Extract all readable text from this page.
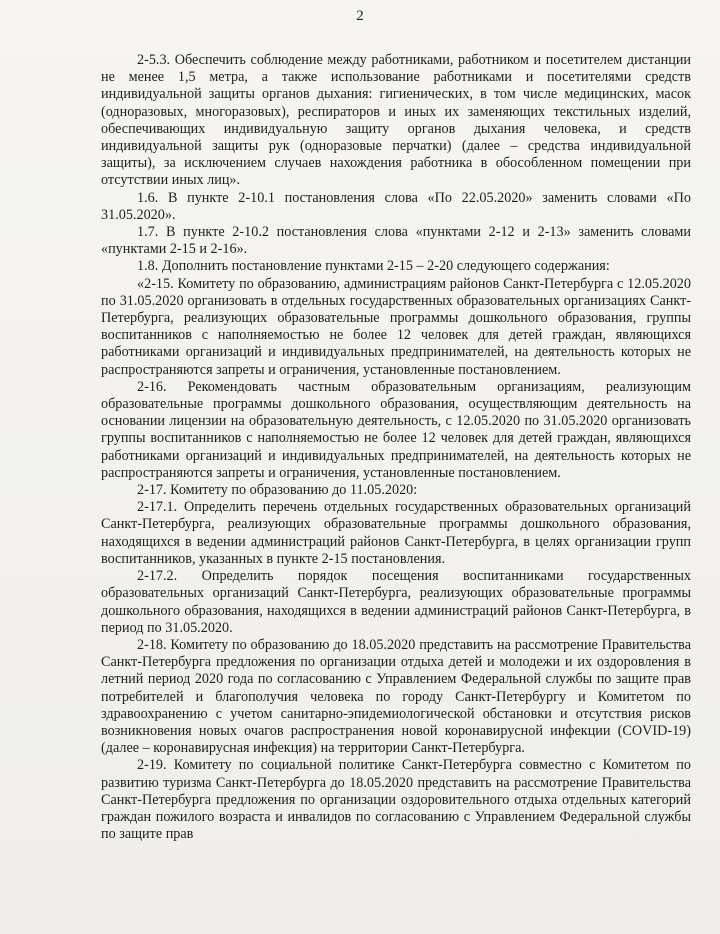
2

2-5.3. Обеспечить соблюдение между работниками, работником и посетителем дистанции не менее 1,5 метра, а также использование работниками и посетителями средств индивидуальной защиты органов дыхания: гигиенических, в том числе медицинских, масок (одноразовых, многоразовых), респираторов и иных их заменяющих текстильных изделий, обеспечивающих индивидуальную защиту органов дыхания человека, и средств индивидуальной защиты рук (одноразовые перчатки) (далее – средства индивидуальной защиты), за исключением случаев нахождения работника в обособленном помещении при отсутствии иных лиц».

1.6. В пункте 2-10.1 постановления слова «По 22.05.2020» заменить словами «По 31.05.2020».

1.7. В пункте 2-10.2 постановления слова «пунктами 2-12 и 2-13» заменить словами «пунктами 2-15 и 2-16».

1.8. Дополнить постановление пунктами 2-15 – 2-20 следующего содержания:

«2-15. Комитету по образованию, администрациям районов Санкт-Петербурга с 12.05.2020 по 31.05.2020 организовать в отдельных государственных образовательных организациях Санкт-Петербурга, реализующих образовательные программы дошкольного образования, группы воспитанников с наполняемостью не более 12 человек для детей граждан, являющихся работниками организаций и индивидуальных предпринимателей, на деятельность которых не распространяются запреты и ограничения, установленные постановлением.

2-16. Рекомендовать частным образовательным организациям, реализующим образовательные программы дошкольного образования, осуществляющим деятельность на основании лицензии на образовательную деятельность, с 12.05.2020 по 31.05.2020 организовать группы воспитанников с наполняемостью не более 12 человек для детей граждан, являющихся работниками организаций и индивидуальных предпринимателей, на деятельность которых не распространяются запреты и ограничения, установленные постановлением.

2-17. Комитету по образованию до 11.05.2020:

2-17.1. Определить перечень отдельных государственных образовательных организаций Санкт-Петербурга, реализующих образовательные программы дошкольного образования, находящихся в ведении администраций районов Санкт-Петербурга, в целях организации групп воспитанников, указанных в пункте 2-15 постановления.

2-17.2. Определить порядок посещения воспитанниками государственных образовательных организаций Санкт-Петербурга, реализующих образовательные программы дошкольного образования, находящихся в ведении администраций районов Санкт-Петербурга, в период по 31.05.2020.

2-18. Комитету по образованию до 18.05.2020 представить на рассмотрение Правительства Санкт-Петербурга предложения по организации отдыха детей и молодежи и их оздоровления в летний период 2020 года по согласованию с Управлением Федеральной службы по защите прав потребителей и благополучия человека по городу Санкт-Петербургу и Комитетом по здравоохранению с учетом санитарно-эпидемиологической обстановки и отсутствия рисков возникновения новых очагов распространения новой коронавирусной инфекции (COVID-19) (далее – коронавирусная инфекция) на территории Санкт-Петербурга.

2-19. Комитету по социальной политике Санкт-Петербурга совместно с Комитетом по развитию туризма Санкт-Петербурга до 18.05.2020 представить на рассмотрение Правительства Санкт-Петербурга предложения по организации оздоровительного отдыха отдельных категорий граждан пожилого возраста и инвалидов по согласованию с Управлением Федеральной службы по защите прав
